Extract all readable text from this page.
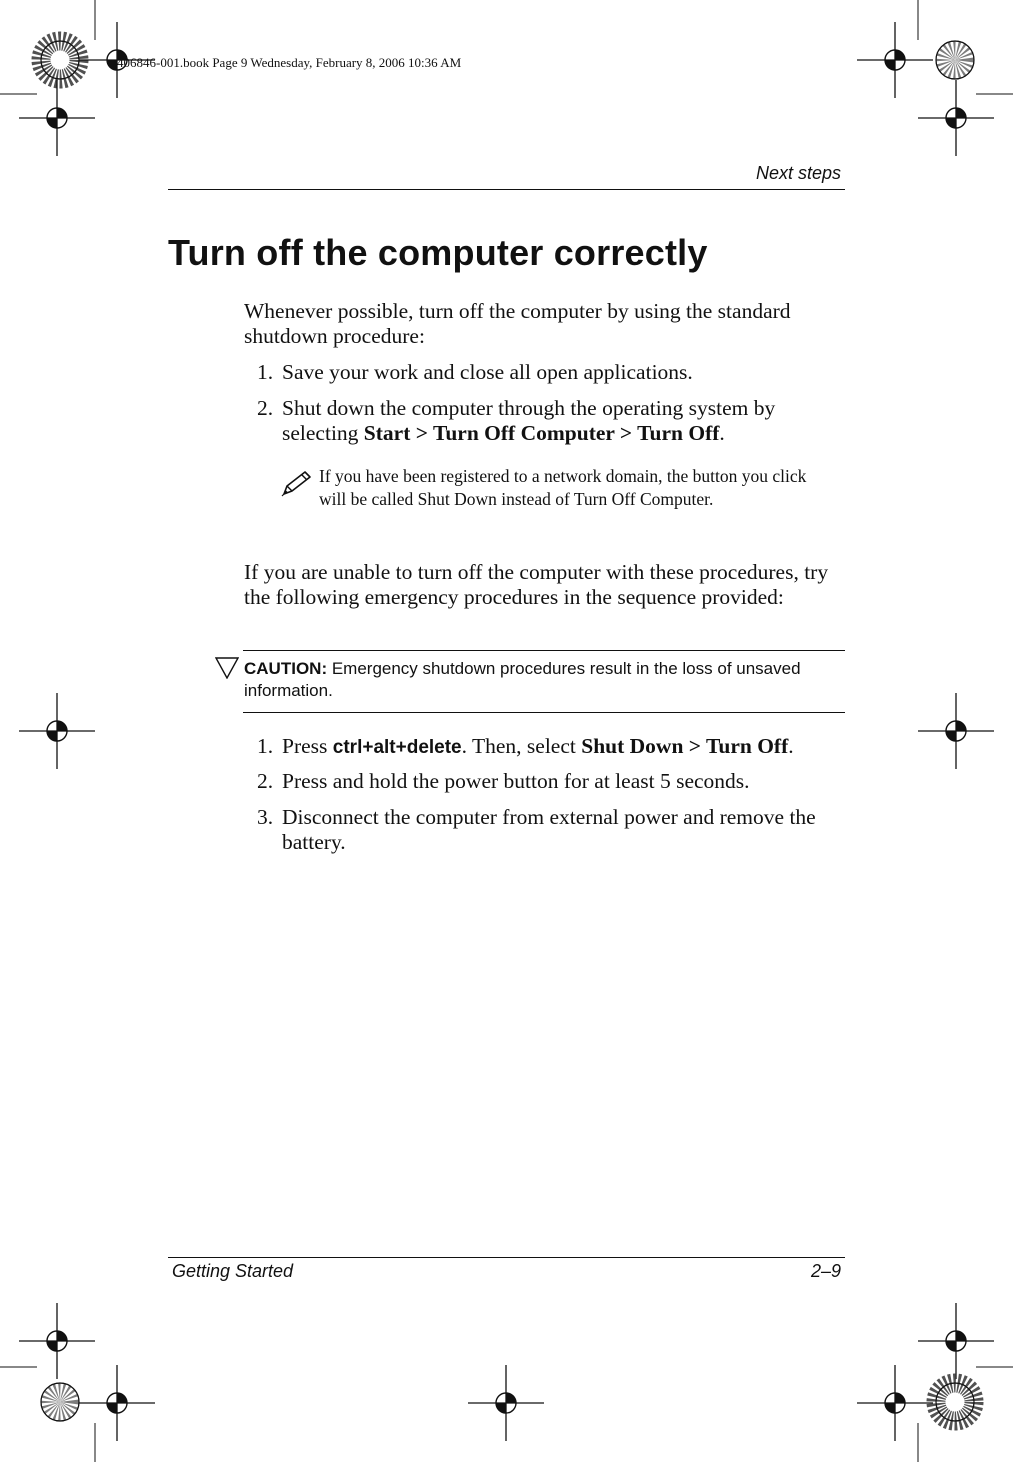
406846-001.book Page 9 Wednesday, February 8, 2006 10:36 AM
Next steps
Turn off the computer correctly
Whenever possible, turn off the computer by using the standard shutdown procedure:
1. Save your work and close all open applications.
2. Shut down the computer through the operating system by
selecting Start > Turn Off Computer > Turn Off.
If you have been registered to a network domain, the button you click will be called Shut Down instead of Turn Off Computer.
If you are unable to turn off the computer with these procedures, try the following emergency procedures in the sequence provided:
CAUTION: Emergency shutdown procedures result in the loss of unsaved information.
1. Press ctrl+alt+delete. Then, select Shut Down > Turn Off.
2. Press and hold the power button for at least 5 seconds.
3. Disconnect the computer from external power and remove the battery.
Getting Started	2–9
